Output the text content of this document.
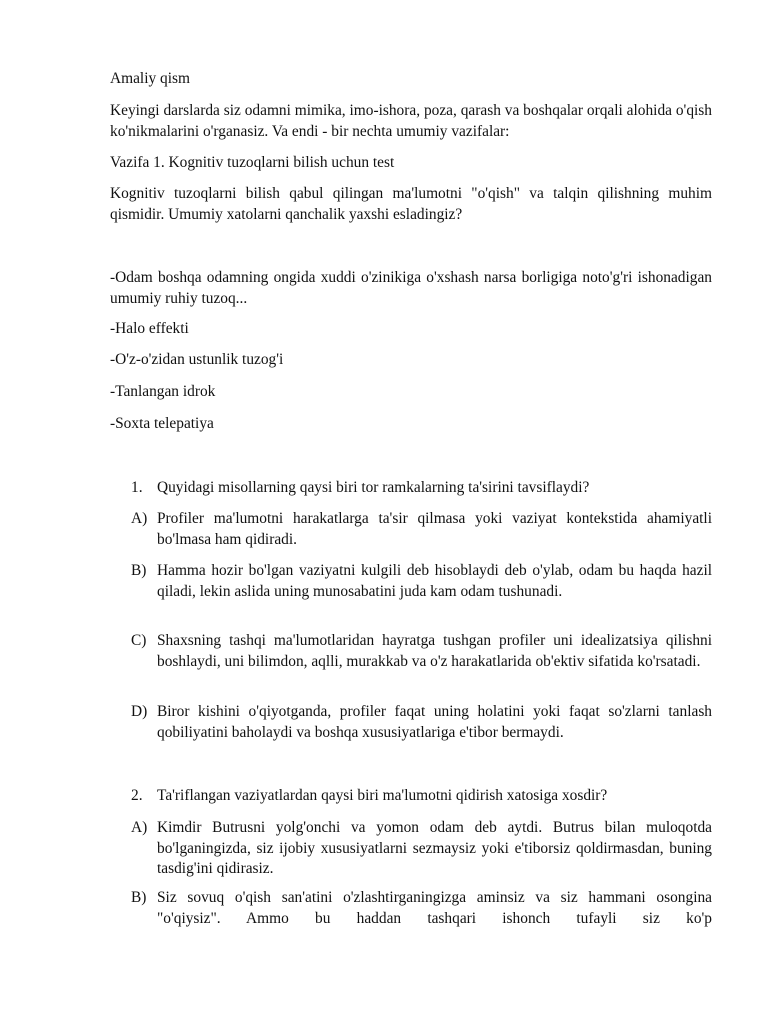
Amaliy qism

Keyingi darslarda siz odamni mimika, imo-ishora, poza, qarash va boshqalar orqali alohida o'qish ko'nikmalarini o'rganasiz. Va endi - bir nechta umumiy vazifalar:

Vazifa 1. Kognitiv tuzoqlarni bilish uchun test

Kognitiv tuzoqlarni bilish qabul qilingan ma'lumotni "o'qish" va talqin qilishning muhim qismidir. Umumiy xatolarni qanchalik yaxshi esladingiz?

-Odam boshqa odamning ongida xuddi o'zinikiga o'xshash narsa borligiga noto'g'ri ishonadigan umumiy ruhiy tuzoq...

-Halo effekti

-O'z-o'zidan ustunlik tuzog'i

-Tanlangan idrok

-Soxta telepatiya

1. Quyidagi misollarning qaysi biri tor ramkalarning ta'sirini tavsiflaydi?
A) Profiler ma'lumotni harakatlarga ta'sir qilmasa yoki vaziyat kontekstida ahamiyatli bo'lmasa ham qidiradi.
B) Hamma hozir bo'lgan vaziyatni kulgili deb hisoblaydi deb o'ylab, odam bu haqda hazil qiladi, lekin aslida uning munosabatini juda kam odam tushunadi.
C) Shaxsning tashqi ma'lumotlaridan hayratga tushgan profiler uni idealizatsiya qilishni boshlaydi, uni bilimdon, aqlli, murakkab va o'z harakatlarida ob'ektiv sifatida ko'rsatadi.
D) Biror kishini o'qiyotganda, profiler faqat uning holatini yoki faqat so'zlarni tanlash qobiliyatini baholaydi va boshqa xususiyatlariga e'tibor bermaydi.
2. Ta'riflangan vaziyatlardan qaysi biri ma'lumotni qidirish xatosiga xosdir?
A) Kimdir Butrusni yolg'onchi va yomon odam deb aytdi. Butrus bilan muloqotda bo'lganingizda, siz ijobiy xususiyatlarni sezmaysiz yoki e'tiborsiz qoldirmasdan, buning tasdig'ini qidirasiz.
B) Siz sovuq o'qish san'atini o'zlashtirganingizga aminsiz va siz hammani osongina "o'qiysiz". Ammo bu haddan tashqari ishonch tufayli siz ko'p
